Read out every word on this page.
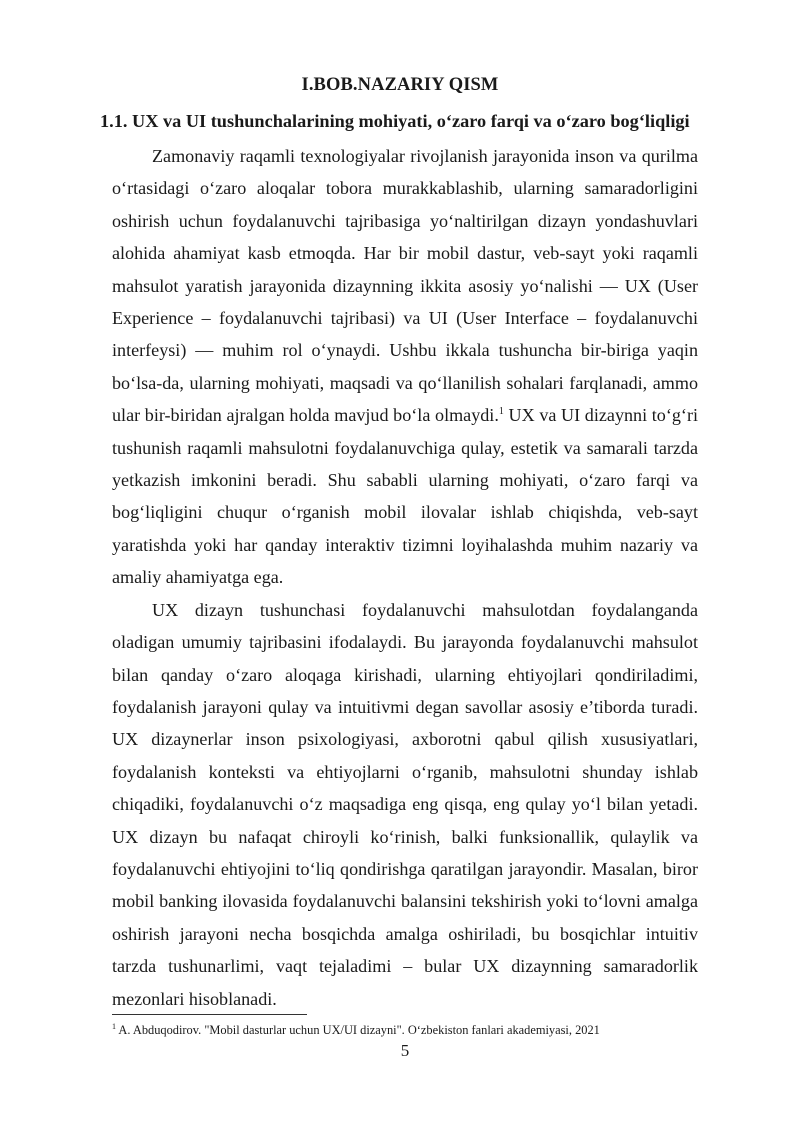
I.BOB.NAZARIY QISM
1.1. UX va UI tushunchalarining mohiyati, o‘zaro farqi va o‘zaro bog‘liqligi

Zamonaviy raqamli texnologiyalar rivojlanish jarayonida inson va qurilma o‘rtasidagi o‘zaro aloqalar tobora murakkablashib, ularning samaradorligini oshirish uchun foydalanuvchi tajribasiga yo‘naltirilgan dizayn yondashuvlari alohida ahamiyat kasb etmoqda. Har bir mobil dastur, veb-sayt yoki raqamli mahsulot yaratish jarayonida dizaynning ikkita asosiy yo‘nalishi — UX (User Experience – foydalanuvchi tajribasi) va UI (User Interface – foydalanuvchi interfeysi) — muhim rol o‘ynaydi. Ushbu ikkala tushuncha bir-biriga yaqin bo‘lsa-da, ularning mohiyati, maqsadi va qo‘llanilish sohalari farqlanadi, ammo ular bir-biridan ajralgan holda mavjud bo‘la olmaydi.$^1$ UX va UI dizaynni to‘g‘ri tushunish raqamli mahsulotni foydalanuvchiga qulay, estetik va samarali tarzda yetkazish imkonini beradi. Shu sababli ularning mohiyati, o‘zaro farqi va bog‘liqligini chuqur o‘rganish mobil ilovalar ishlab chiqishda, veb-sayt yaratishda yoki har qanday interaktiv tizimni loyihalashda muhim nazariy va amaliy ahamiyatga ega.

UX dizayn tushunchasi foydalanuvchi mahsulotdan foydalanganda oladigan umumiy tajribasini ifodalaydi. Bu jarayonda foydalanuvchi mahsulot bilan qanday o‘zaro aloqaga kirishadi, ularning ehtiyojlari qondiriladimi, foydalanish jarayoni qulay va intuitivmi degan savollar asosiy e’tiborda turadi. UX dizaynerlar inson psixologiyasi, axborotni qabul qilish xususiyatlari, foydalanish konteksti va ehtiyojlarni o‘rganib, mahsulotni shunday ishlab chiqadiki, foydalanuvchi o‘z maqsadiga eng qisqa, eng qulay yo‘l bilan yetadi. UX dizayn bu nafaqat chiroyli ko‘rinish, balki funksionallik, qulaylik va foydalanuvchi ehtiyojini to‘liq qondirishga qaratilgan jarayondir. Masalan, biror mobil banking ilovasida foydalanuvchi balansini tekshirish yoki to‘lovni amalga oshirish jarayoni necha bosqichda amalga oshiriladi, bu bosqichlar intuitiv tarzda tushunarlimi, vaqt tejaladimi – bular UX dizaynning samaradorlik mezonlari hisoblanadi.

$^1$ A. Abduqodirov. "Mobil dasturlar uchun UX/UI dizayni". O‘zbekiston fanlari akademiyasi, 2021
5
